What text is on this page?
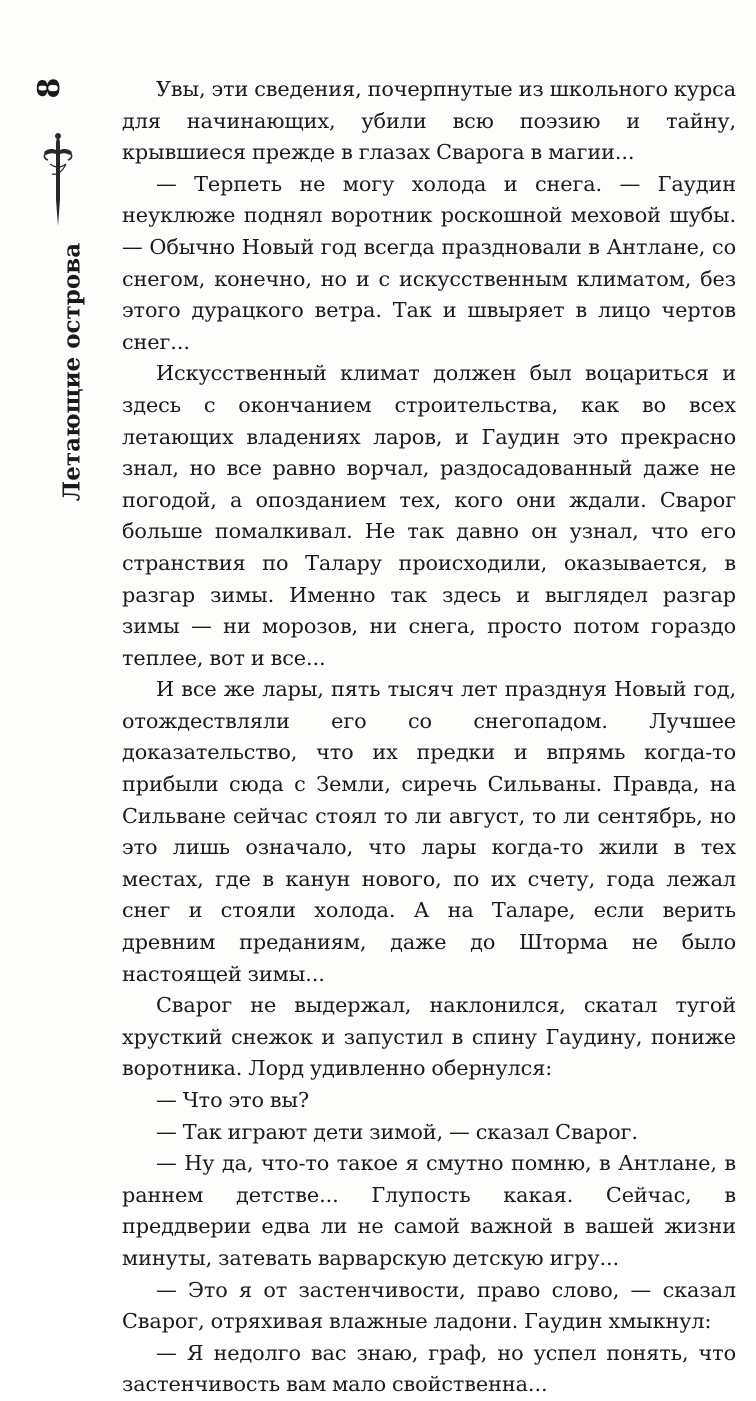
8
Летающие острова

Увы, эти сведения, почерпнутые из школьного курса для начинающих, убили всю поэзию и тайну, крывшиеся прежде в глазах Сварога в магии...

— Терпеть не могу холода и снега. — Гаудин неуклюже поднял воротник роскошной меховой шубы. — Обычно Новый год всегда праздновали в Антлане, со снегом, конечно, но и с искусственным климатом, без этого дурацкого ветра. Так и швыряет в лицо чертов снег...

Искусственный климат должен был воцариться и здесь с окончанием строительства, как во всех летающих владениях ларов, и Гаудин это прекрасно знал, но все равно ворчал, раздосадованный даже не погодой, а опозданием тех, кого они ждали. Сварог больше помалкивал. Не так давно он узнал, что его странствия по Талару происходили, оказывается, в разгар зимы. Именно так здесь и выглядел разгар зимы — ни морозов, ни снега, просто потом гораздо теплее, вот и все...

И все же лары, пять тысяч лет празднуя Новый год, отождествляли его со снегопадом. Лучшее доказательство, что их предки и впрямь когда-то прибыли сюда с Земли, сиречь Сильваны. Правда, на Сильване сейчас стоял то ли август, то ли сентябрь, но это лишь означало, что лары когда-то жили в тех местах, где в канун нового, по их счету, года лежал снег и стояли холода. А на Таларе, если верить древним преданиям, даже до Шторма не было настоящей зимы...

Сварог не выдержал, наклонился, скатал тугой хрусткий снежок и запустил в спину Гаудину, пониже воротника. Лорд удивленно обернулся:

— Что это вы?

— Так играют дети зимой, — сказал Сварог.

— Ну да, что-то такое я смутно помню, в Антлане, в раннем детстве... Глупость какая. Сейчас, в преддверии едва ли не самой важной в вашей жизни минуты, затевать варварскую детскую игру...

— Это я от застенчивости, право слово, — сказал Сварог, отряхивая влажные ладони. Гаудин хмыкнул:

— Я недолго вас знаю, граф, но успел понять, что застенчивость вам мало свойственна...
